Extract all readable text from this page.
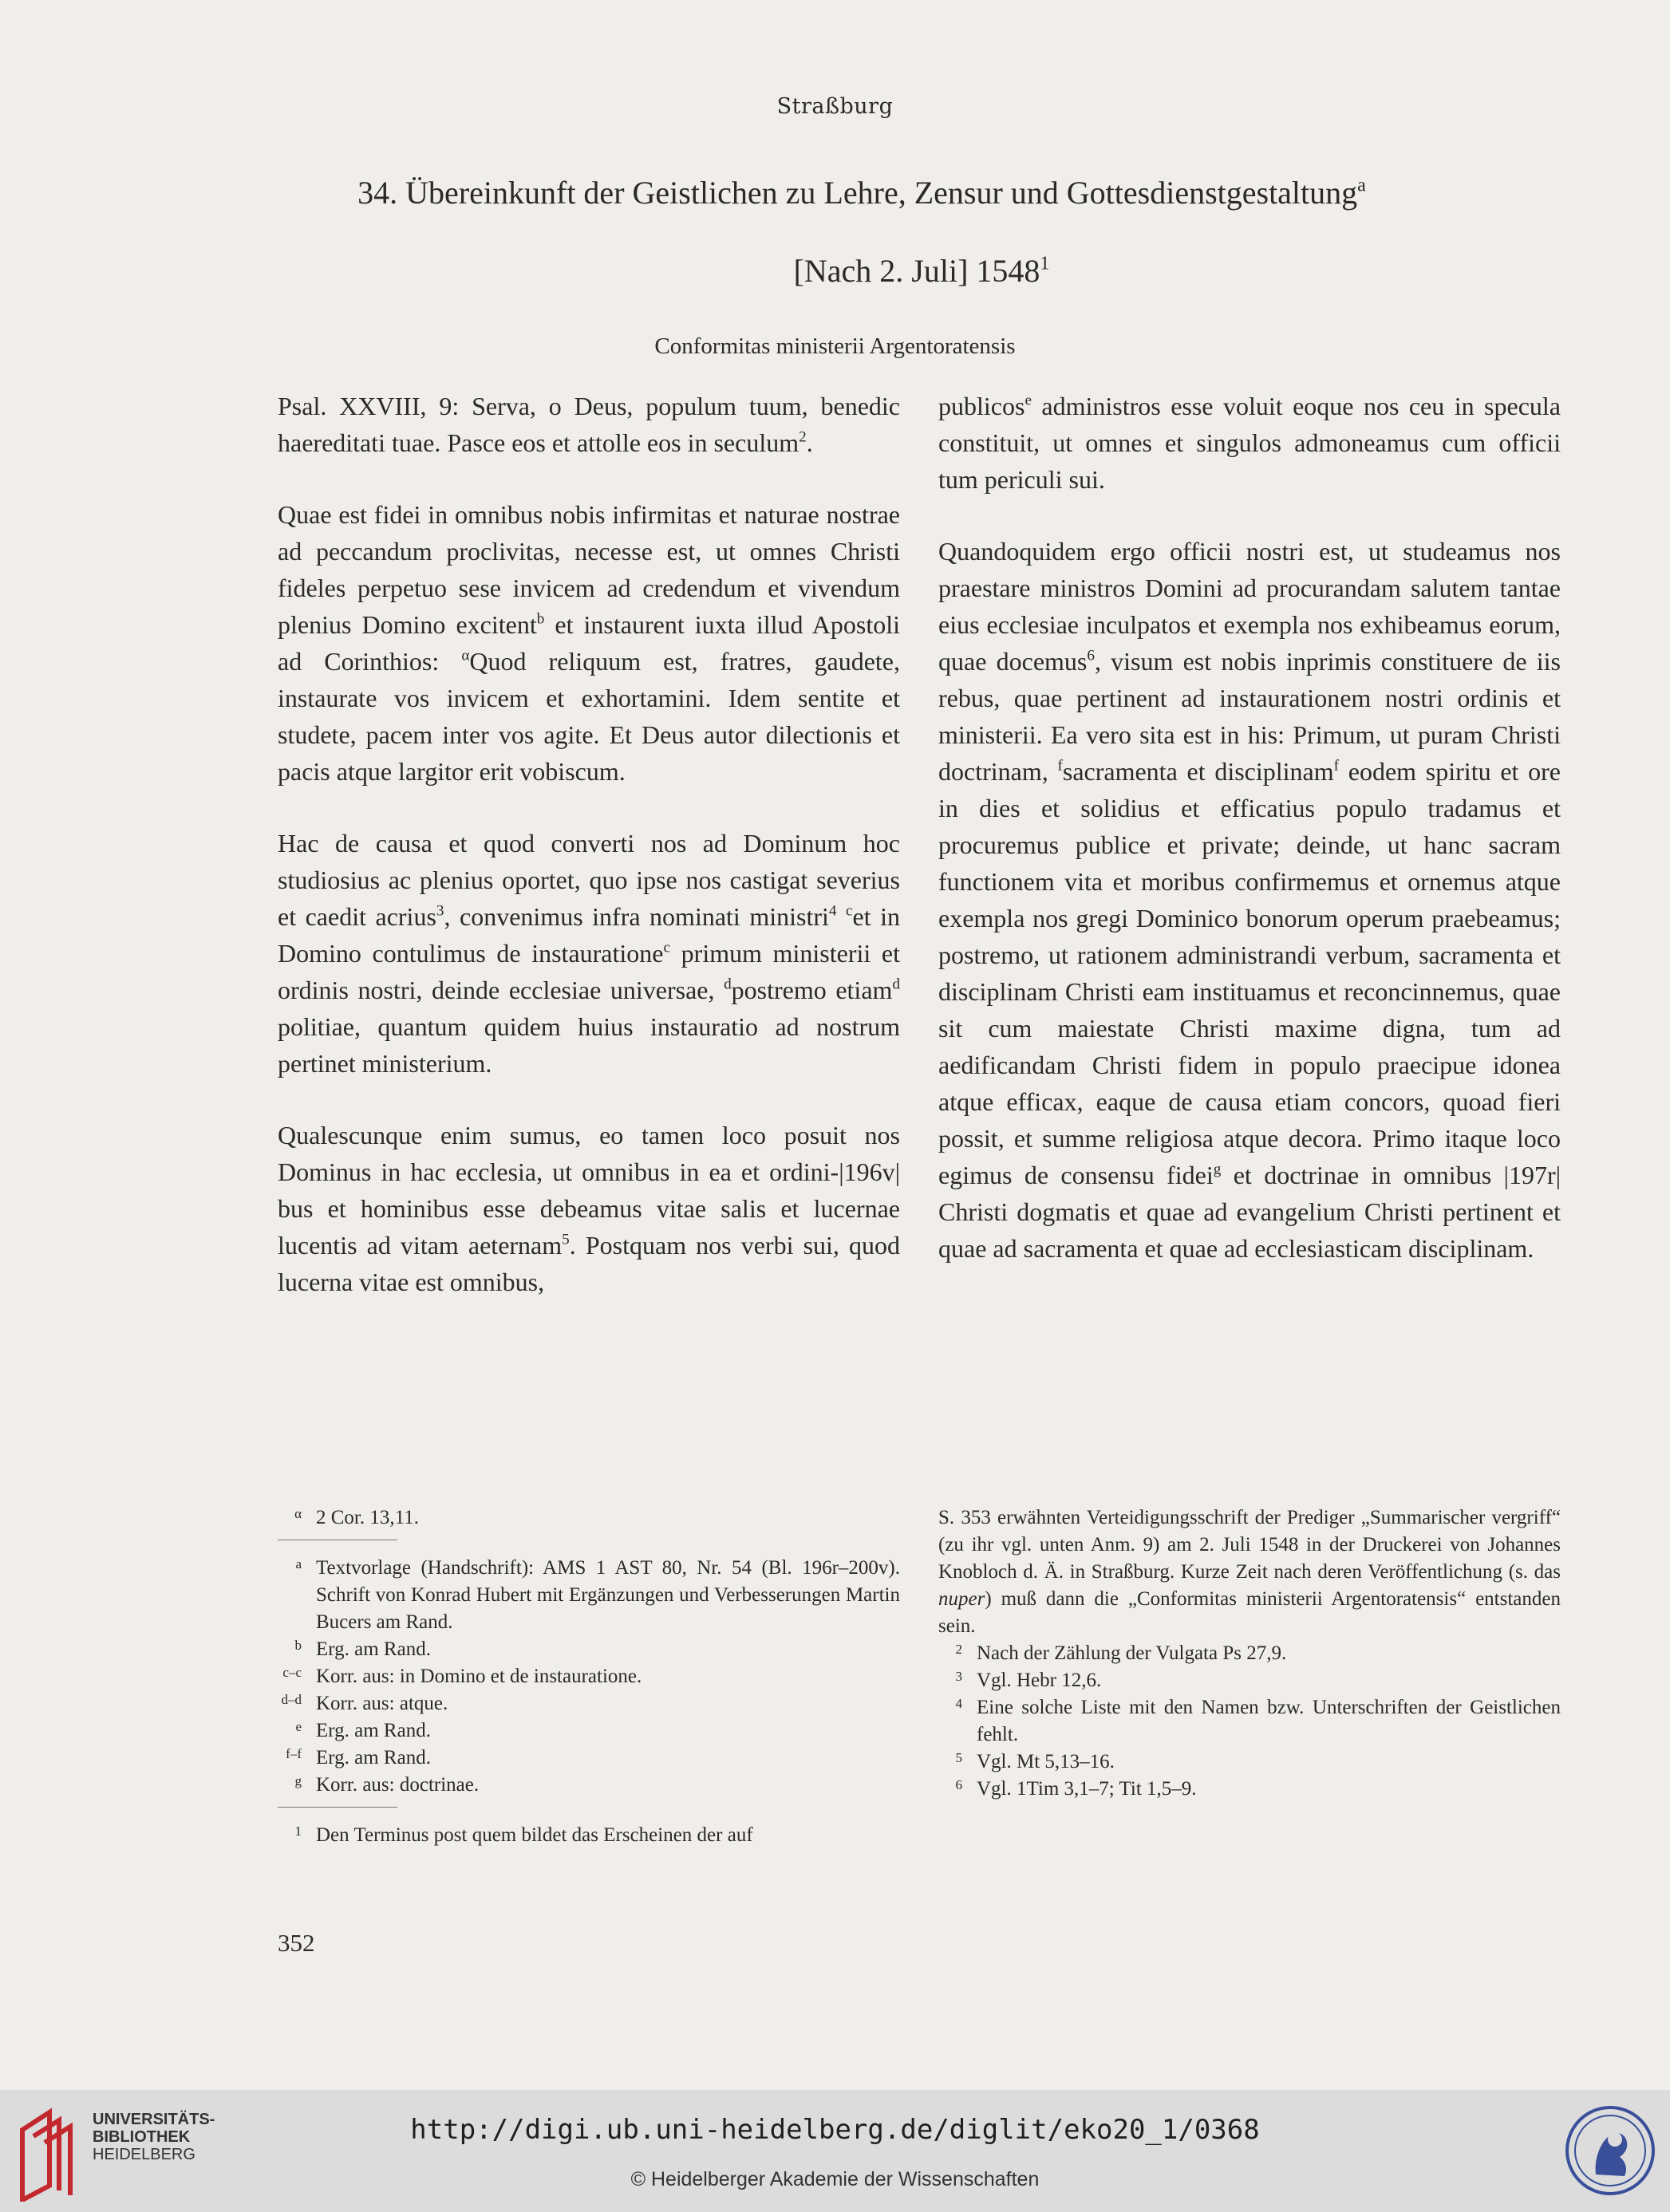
Straßburg
34. Übereinkunft der Geistlichen zu Lehre, Zensur und Gottesdienstgestaltung$^a$
[Nach 2. Juli] 1548$^1$
Conformitas ministerii Argentoratensis

Psal. XXVIII, 9: Serva, o Deus, populum tuum, benedic haereditati tuae. Pasce eos et attolle eos in seculum$^2$.

Quae est fidei in omnibus nobis infirmitas et naturae nostrae ad peccandum proclivitas, necesse est, ut omnes Christi fideles perpetuo sese invicem ad credendum et vivendum plenius Domino excitent$^b$ et instaurent iuxta illud Apostoli ad Corinthios: $^\alpha$Quod reliquum est, fratres, gaudete, instaurate vos invicem et exhortamini. Idem sentite et studete, pacem inter vos agite. Et Deus autor dilectionis et pacis atque largitor erit vobiscum.

Hac de causa et quod converti nos ad Dominum hoc studiosius ac plenius oportet, quo ipse nos castigat severius et caedit acrius$^3$, convenimus infra nominati ministri$^4$ $^c$et in Domino contulimus de instauratione$^c$ primum ministerii et ordinis nostri, deinde ecclesiae universae, $^d$postremo etiam$^d$ politiae, quantum quidem huius instauratio ad nostrum pertinet ministerium.

Qualescunque enim sumus, eo tamen loco posuit nos Dominus in hac ecclesia, ut omnibus in ea et ordini-|196v| bus et hominibus esse debeamus vitae salis et lucernae lucentis ad vitam aeternam$^5$. Postquam nos verbi sui, quod lucerna vitae est omnibus,

publicos$^e$ administros esse voluit eoque nos ceu in specula constituit, ut omnes et singulos admoneamus cum officii tum periculi sui.

Quandoquidem ergo officii nostri est, ut studeamus nos praestare ministros Domini ad procurandam salutem tantae eius ecclesiae inculpatos et exempla nos exhibeamus eorum, quae docemus$^6$, visum est nobis inprimis constituere de iis rebus, quae pertinent ad instaurationem nostri ordinis et ministerii. Ea vero sita est in his: Primum, ut puram Christi doctrinam, $^f$sacramenta et disciplinam$^f$ eodem spiritu et ore in dies et solidius et efficatius populo tradamus et procuremus publice et private; deinde, ut hanc sacram functionem vita et moribus confirmemus et ornemus atque exempla nos gregi Dominico bonorum operum praebeamus; postremo, ut rationem administrandi verbum, sacramenta et disciplinam Christi eam instituamus et reconcinnemus, quae sit cum maiestate Christi maxime digna, tum ad aedificandam Christi fidem in populo praecipue idonea atque efficax, eaque de causa etiam concors, quoad fieri possit, et summe religiosa atque decora. Primo itaque loco egimus de consensu fidei$^g$ et doctrinae in omnibus |197r| Christi dogmatis et quae ad evangelium Christi pertinent et quae ad sacramenta et quae ad ecclesiasticam disciplinam.

α 2 Cor. 13,11.
a Textvorlage (Handschrift): AMS 1 AST 80, Nr. 54 (Bl. 196r–200v). Schrift von Konrad Hubert mit Ergänzungen und Verbesserungen Martin Bucers am Rand.
b Erg. am Rand.
c–c Korr. aus: in Domino et de instauratione.
d–d Korr. aus: atque.
e Erg. am Rand.
f–f Erg. am Rand.
g Korr. aus: doctrinae.
1 Den Terminus post quem bildet das Erscheinen der auf
S. 353 erwähnten Verteidigungsschrift der Prediger „Summarischer vergriff“ (zu ihr vgl. unten Anm. 9) am 2. Juli 1548 in der Druckerei von Johannes Knobloch d. Ä. in Straßburg. Kurze Zeit nach deren Veröffentlichung (s. das nuper) muß dann die „Conformitas ministerii Argentoratensis“ entstanden sein.
2 Nach der Zählung der Vulgata Ps 27,9.
3 Vgl. Hebr 12,6.
4 Eine solche Liste mit den Namen bzw. Unterschriften der Geistlichen fehlt.
5 Vgl. Mt 5,13–16.
6 Vgl. 1Tim 3,1–7; Tit 1,5–9.
352
UNIVERSITÄTS-
BIBLIOTHEK
HEIDELBERG
http://digi.ub.uni-heidelberg.de/diglit/eko20_1/0368
© Heidelberger Akademie der Wissenschaften
